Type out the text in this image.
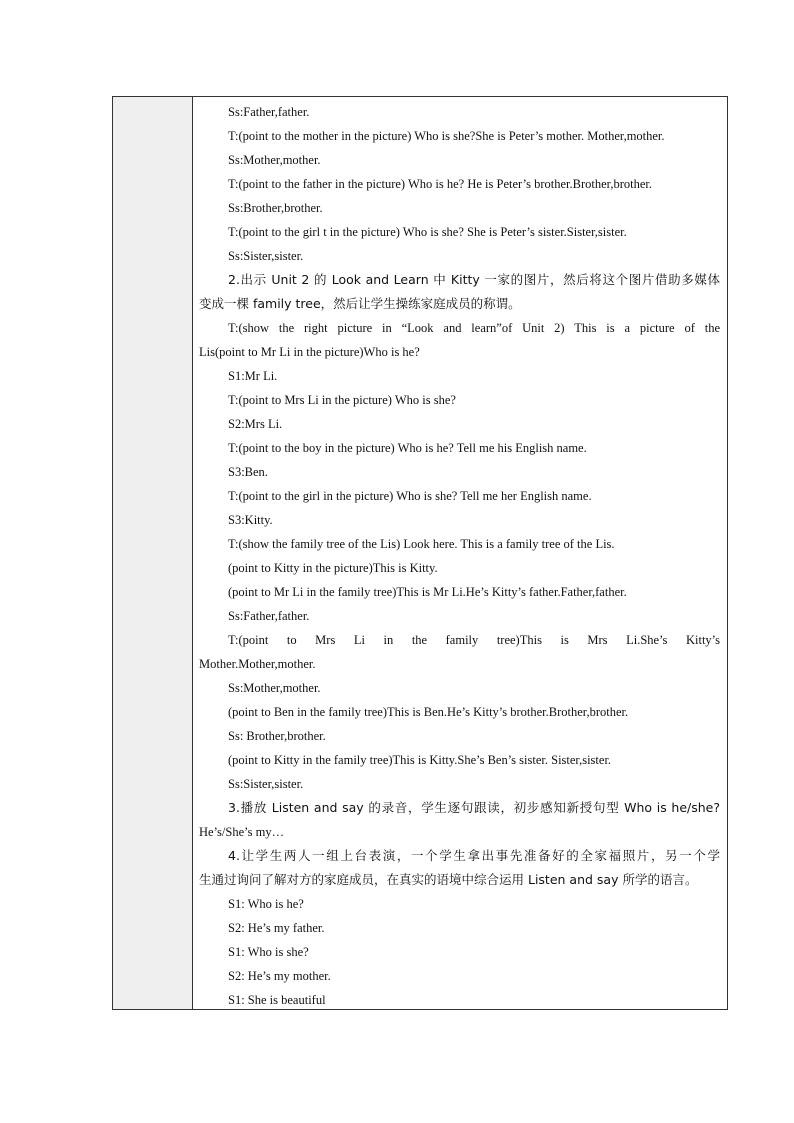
Ss:Father,father.
T:(point to the mother in the picture) Who is she?She is Peter’s mother. Mother,mother.
Ss:Mother,mother.
T:(point to the father in the picture) Who is he? He is Peter’s brother.Brother,brother.
Ss:Brother,brother.
T:(point to the girl t in the picture) Who is she? She is Peter’s sister.Sister,sister.
Ss:Sister,sister.
2.出示 Unit 2 的 Look and Learn 中 Kitty 一家的图片，然后将这个图片借助多媒体
变成一棵 family tree，然后让学生操练家庭成员的称谓。
T:(show the right picture in “Look and learn”of Unit 2) This is a picture of the
Lis(point to Mr Li in the picture)Who is he?
S1:Mr Li.
T:(point to Mrs Li in the picture) Who is she?
S2:Mrs Li.
T:(point to the boy in the picture) Who is he? Tell me his English name.
S3:Ben.
T:(point to the girl in the picture) Who is she? Tell me her English name.
S3:Kitty.
T:(show the family tree of the Lis) Look here. This is a family tree of the Lis.
(point to Kitty in the picture)This is Kitty.
(point to Mr Li in the family tree)This is Mr Li.He’s Kitty’s father.Father,father.
Ss:Father,father.
T:(point to Mrs Li in the family tree)This is Mrs Li.She’s Kitty’s
Mother.Mother,mother.
Ss:Mother,mother.
(point to Ben in the family tree)This is Ben.He’s Kitty’s brother.Brother,brother.
Ss: Brother,brother.
(point to Kitty in the family tree)This is Kitty.She’s Ben’s sister. Sister,sister.
Ss:Sister,sister.
3.播放 Listen and say 的录音，学生逐句跟读，初步感知新授句型 Who is he/she?
He’s/She’s my…
4.让学生两人一组上台表演，一个学生拿出事先准备好的全家福照片，另一个学
生通过询问了解对方的家庭成员，在真实的语境中综合运用 Listen and say 所学的语言。
S1: Who is he?
S2: He’s my father.
S1: Who is she?
S2: He’s my mother.
S1: She is beautiful
